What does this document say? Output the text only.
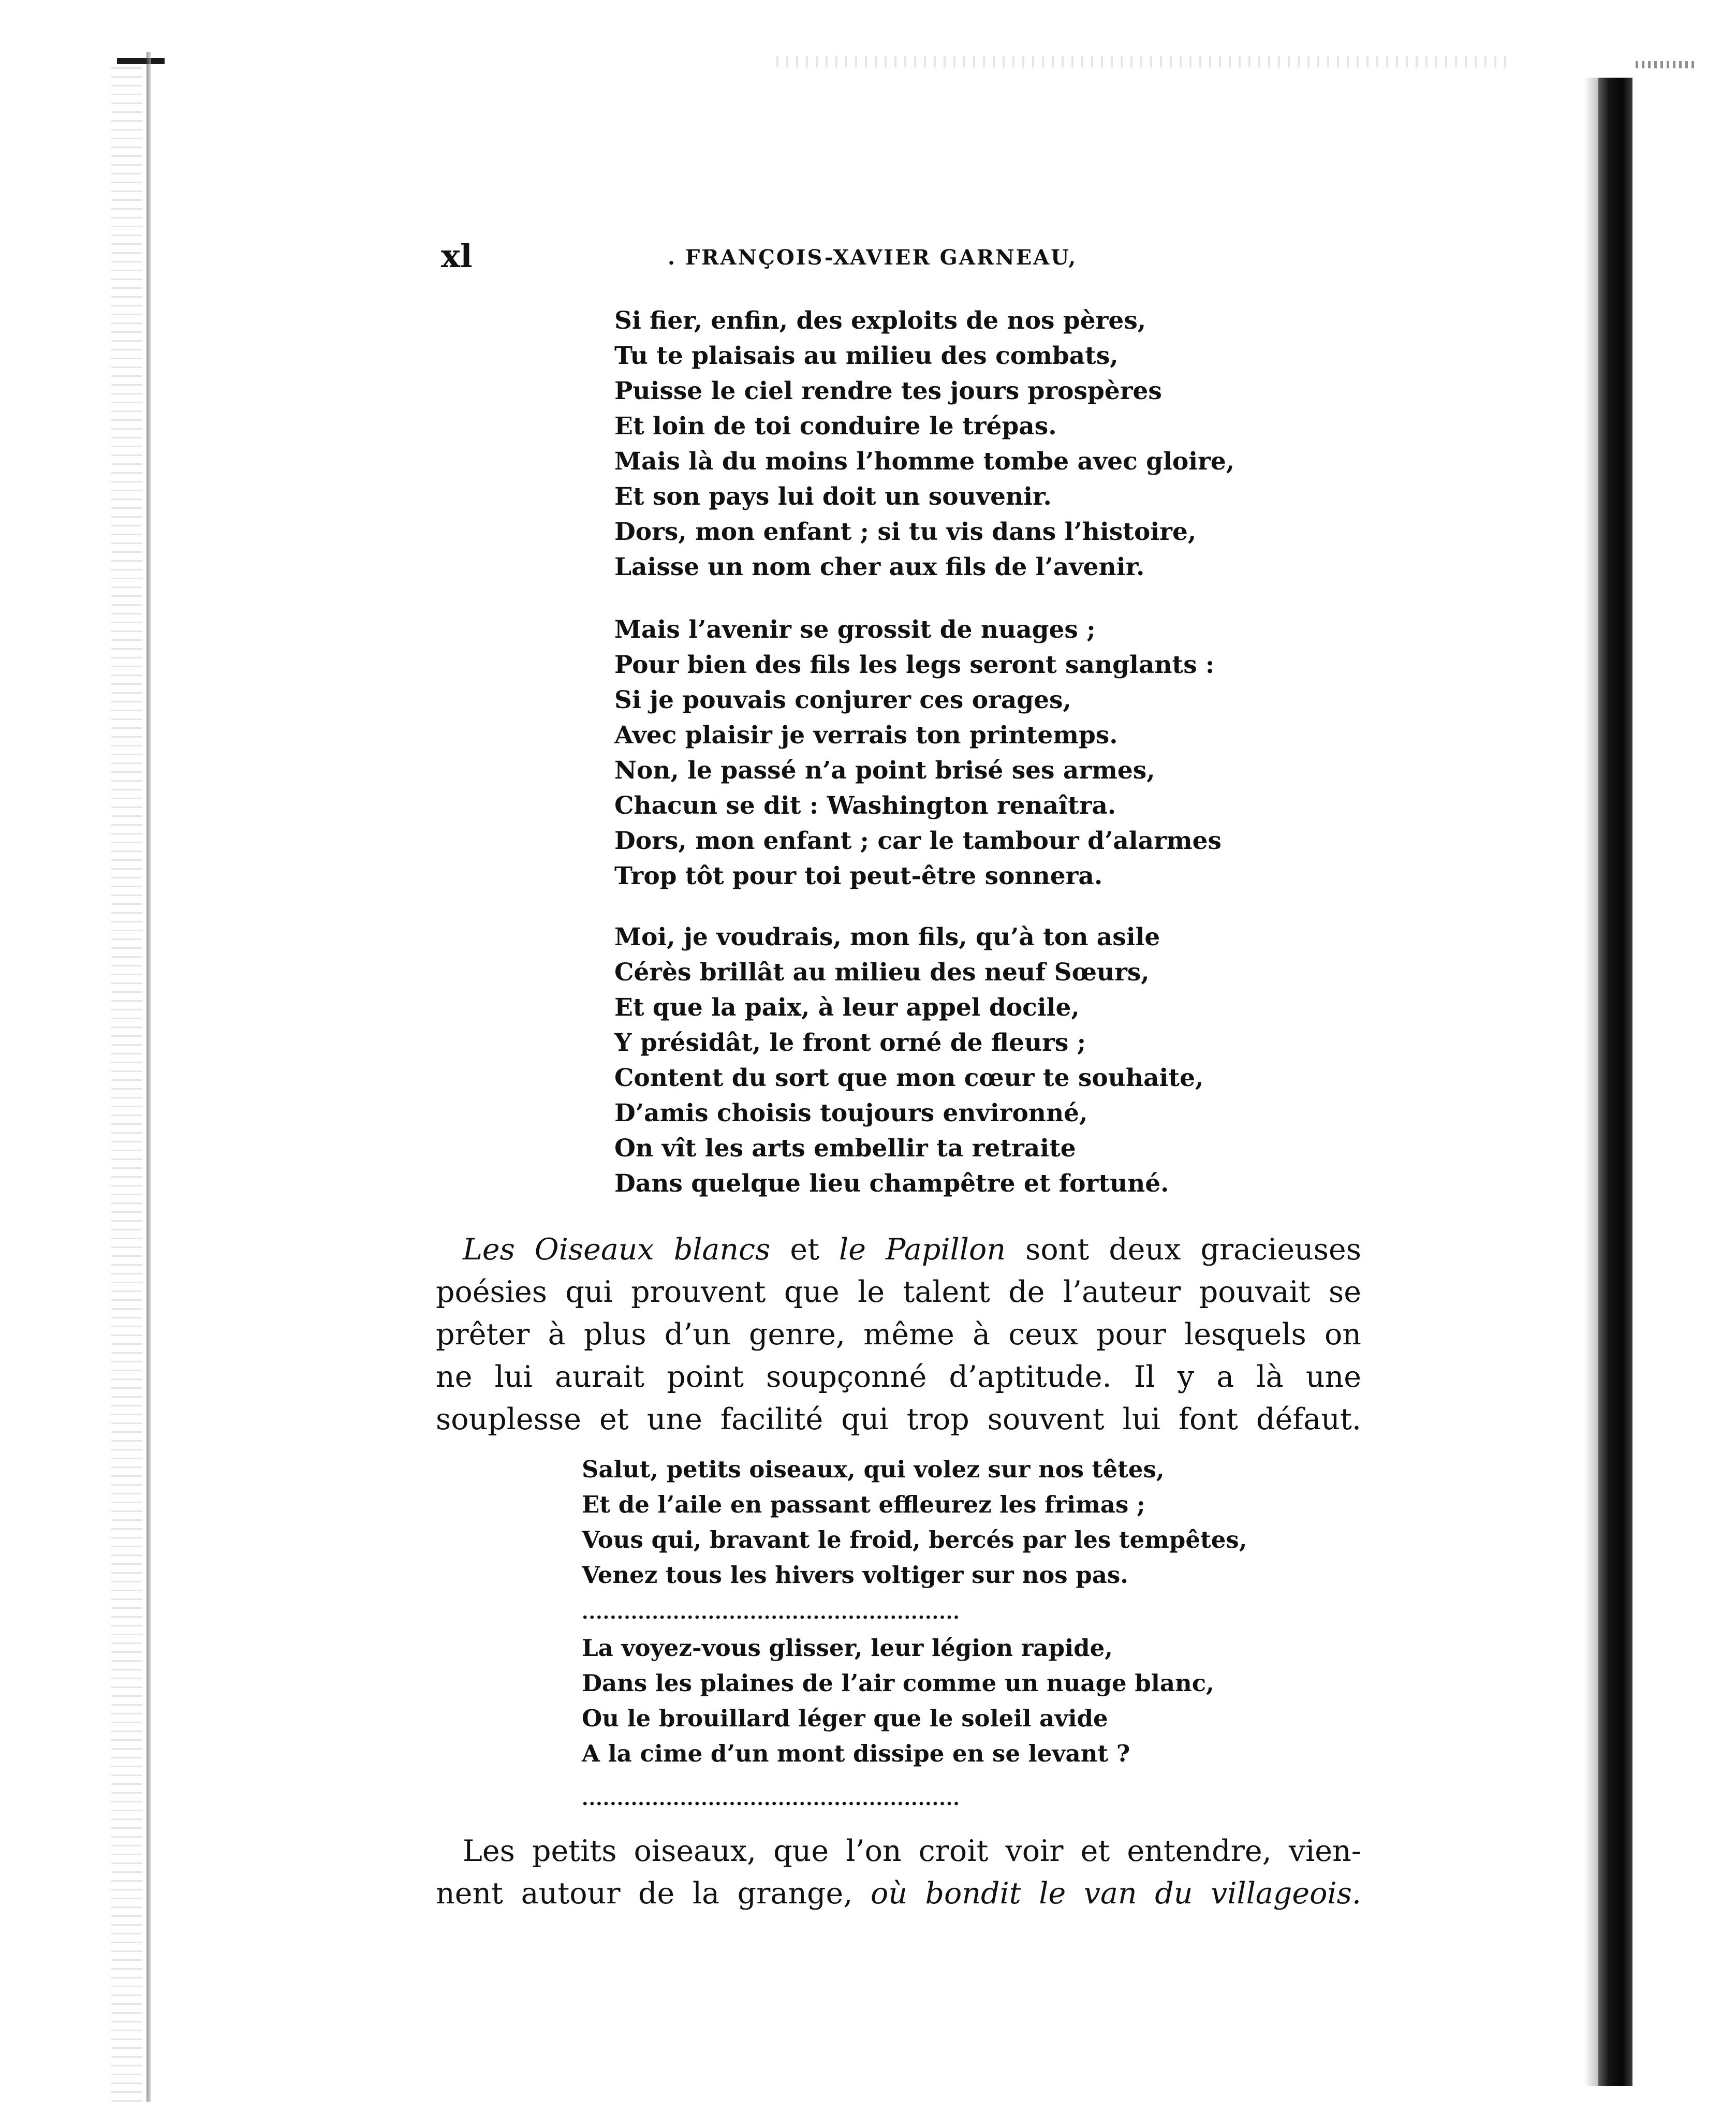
xl	. FRANÇOIS-XAVIER GARNEAU,
Si fier, enfin, des exploits de nos pères,
Tu te plaisais au milieu des combats,
Puisse le ciel rendre tes jours prospères
Et loin de toi conduire le trépas.
Mais là du moins l’homme tombe avec gloire,
Et son pays lui doit un souvenir.
Dors, mon enfant ; si tu vis dans l’histoire,
Laisse un nom cher aux fils de l’avenir.
Mais l’avenir se grossit de nuages ;
Pour bien des fils les legs seront sanglants :
Si je pouvais conjurer ces orages,
Avec plaisir je verrais ton printemps.
Non, le passé n’a point brisé ses armes,
Chacun se dit : Washington renaîtra.
Dors, mon enfant ; car le tambour d’alarmes
Trop tôt pour toi peut-être sonnera.
Moi, je voudrais, mon fils, qu’à ton asile
Cérès brillât au milieu des neuf Sœurs,
Et que la paix, à leur appel docile,
Y présidât, le front orné de fleurs ;
Content du sort que mon cœur te souhaite,
D’amis choisis toujours environné,
On vît les arts embellir ta retraite
Dans quelque lieu champêtre et fortuné.
Les Oiseaux blancs et le Papillon sont deux gracieuses
poésies qui prouvent que le talent de l’auteur pouvait se
prêter à plus d’un genre, même à ceux pour lesquels on
ne lui aurait point soupçonné d’aptitude. Il y a là une
souplesse et une facilité qui trop souvent lui font défaut.
Salut, petits oiseaux, qui volez sur nos têtes,
Et de l’aile en passant effleurez les frimas ;
Vous qui, bravant le froid, bercés par les tempêtes,
Venez tous les hivers voltiger sur nos pas.
......................................................
La voyez-vous glisser, leur légion rapide,
Dans les plaines de l’air comme un nuage blanc,
Ou le brouillard léger que le soleil avide
A la cime d’un mont dissipe en se levant ?
......................................................
Les petits oiseaux, que l’on croit voir et entendre, vien-
nent autour de la grange, où bondit le van du villageois.
